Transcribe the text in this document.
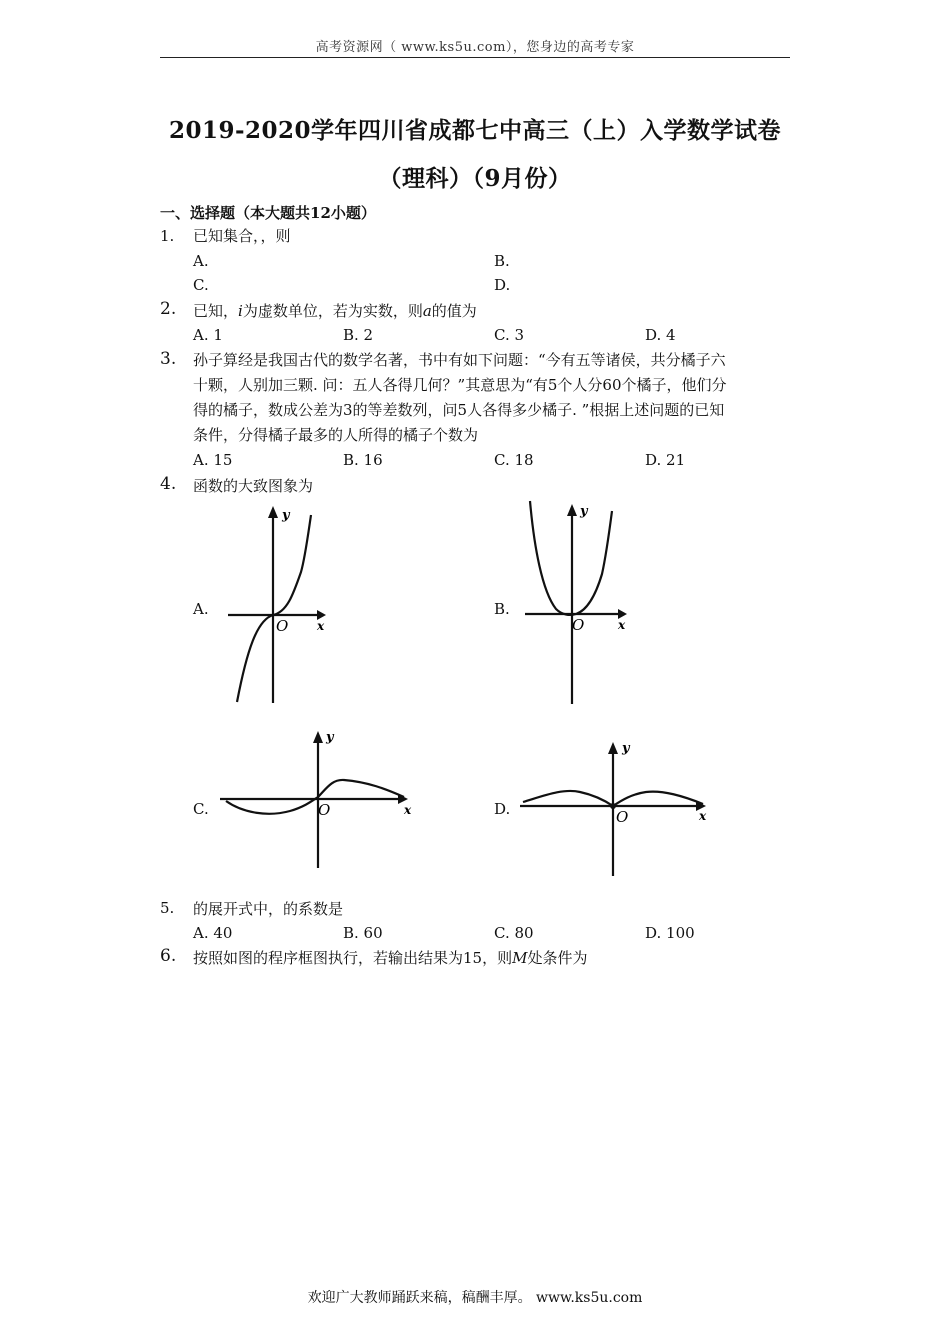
高考资源网（ www.ks5u.com），您身边的高考专家
2019-2020学年四川省成都七中高三（上）入学数学试卷
（理科）（9月份）
一、选择题（本大题共12小题）
1. 已知集合，，则
A.	B.
C.	D.
2. 已知，i为虚数单位，若为实数，则a的值为
A. 1	B. 2	C. 3	D. 4
3. 孙子算经是我国古代的数学名著，书中有如下问题：“今有五等诸侯，共分橘子六
十颗，人别加三颗. 问：五人各得几何？”其意思为“有5个人分60个橘子，他们分
得的橘子，数成公差为3的等差数列，问5人各得多少橘子. ”根据上述问题的已知
条件，分得橘子最多的人所得的橘子个数为
A. 15	B. 16	C. 18	D. 21
4. 函数的大致图象为
A.	B.
C.	D.
y
x
O
y
x
O
y
x
O
y
x
O
5. 的展开式中，的系数是
A. 40	B. 60	C. 80	D. 100
6. 按照如图的程序框图执行，若输出结果为15，则M处条件为
欢迎广大教师踊跃来稿，稿酬丰厚。 www.ks5u.com
